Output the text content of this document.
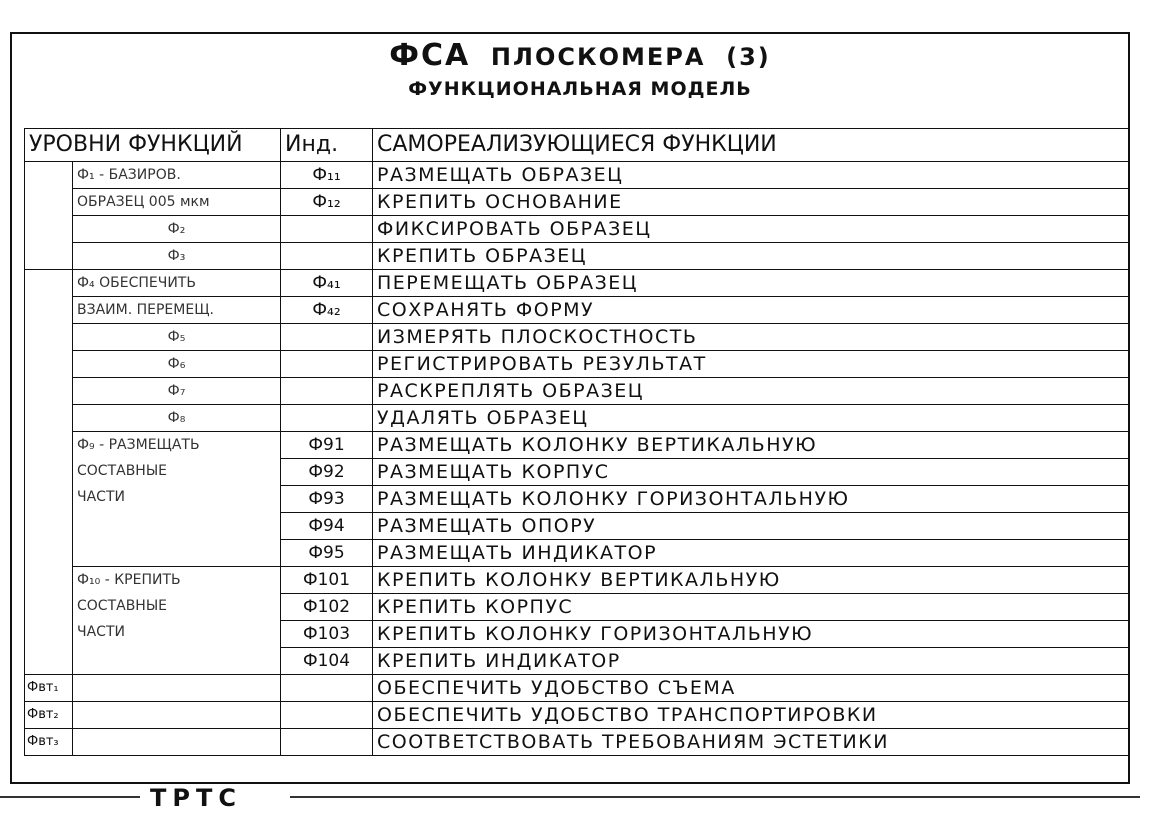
ФСА ПЛОСКОМЕРА (3)
ФУНКЦИОНАЛЬНАЯ МОДЕЛЬ
УРОВНИ ФУНКЦИЙ		Инд.	САМОРЕАЛИЗУЮЩИЕСЯ ФУНКЦИИ
	Ф₁ - БАЗИРОВ.	Ф₁₁	РАЗМЕЩАТЬ ОБРАЗЕЦ
	ОБРАЗЕЦ 005 мкм	Ф₁₂	КРЕПИТЬ ОСНОВАНИЕ
	Ф₂		ФИКСИРОВАТЬ ОБРАЗЕЦ
	Ф₃		КРЕПИТЬ ОБРАЗЕЦ
	Ф₄ ОБЕСПЕЧИТЬ	Ф₄₁	ПЕРЕМЕЩАТЬ ОБРАЗЕЦ
	ВЗАИМ. ПЕРЕМЕЩ.	Ф₄₂	СОХРАНЯТЬ ФОРМУ
	Ф₅		ИЗМЕРЯТЬ ПЛОСКОСТНОСТЬ
	Ф₆		РЕГИСТРИРОВАТЬ РЕЗУЛЬТАТ
	Ф₇		РАСКРЕПЛЯТЬ ОБРАЗЕЦ
	Ф₈		УДАЛЯТЬ ОБРАЗЕЦ

	Ф₉ - РАЗМЕЩАТЬ
СОСТАВНЫЕ
ЧАСТИ	Ф91	РАЗМЕЩАТЬ КОЛОНКУ ВЕРТИКАЛЬНУЮ
		Ф92	РАЗМЕЩАТЬ КОРПУС
		Ф93	РАЗМЕЩАТЬ КОЛОНКУ ГОРИЗОНТАЛЬНУЮ
		Ф94	РАЗМЕЩАТЬ ОПОРУ
		Ф95	РАЗМЕЩАТЬ ИНДИКАТОР

	Ф₁₀ - КРЕПИТЬ
СОСТАВНЫЕ
ЧАСТИ	Ф101	КРЕПИТЬ КОЛОНКУ ВЕРТИКАЛЬНУЮ
		Ф102	КРЕПИТЬ КОРПУС
		Ф103	КРЕПИТЬ КОЛОНКУ ГОРИЗОНТАЛЬНУЮ
		Ф104	КРЕПИТЬ ИНДИКАТОР
Фвт₁			ОБЕСПЕЧИТЬ УДОБСТВО СЪЕМА
Фвт₂			ОБЕСПЕЧИТЬ УДОБСТВО ТРАНСПОРТИРОВКИ
Фвт₃			СООТВЕТСТВОВАТЬ ТРЕБОВАНИЯМ ЭСТЕТИКИ
ТРТС
